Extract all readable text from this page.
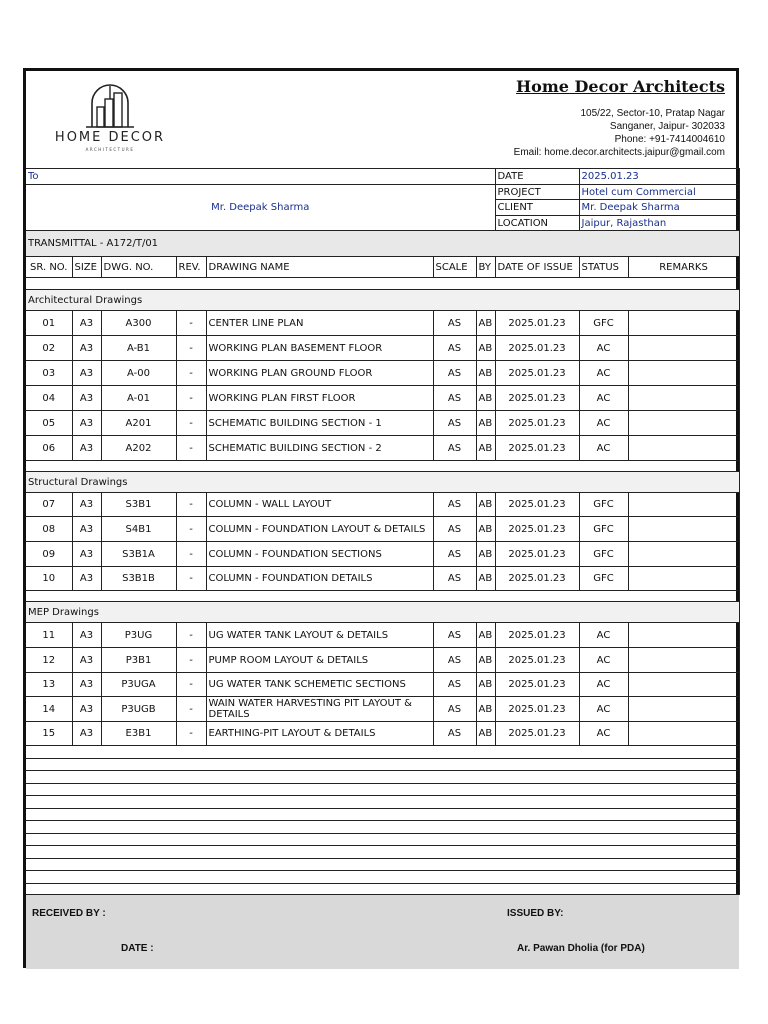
HOME DECOR
ARCHITECTURE
Home Decor Architects
105/22, Sector-10, Pratap Nagar
Sanganer, Jaipur- 302033
Phone: +91-7414004610
Email: home.decor.architects.jaipur@gmail.com
To	DATE	2025.01.23
Mr. Deepak Sharma	PROJECT	Hotel cum Commercial
	CLIENT	Mr. Deepak Sharma
	LOCATION	Jaipur, Rajasthan
TRANSMITTAL - A172/T/01		
SR. NO.	SIZE	DWG. NO.	REV.	DRAWING NAME	SCALE	BY	DATE OF ISSUE	STATUS	REMARKS

Architectural Drawings									
01	A3	A300	-	CENTER LINE PLAN	AS	AB	2025.01.23	GFC	
02	A3	A-B1	-	WORKING PLAN BASEMENT FLOOR	AS	AB	2025.01.23	AC	
03	A3	A-00	-	WORKING PLAN GROUND FLOOR	AS	AB	2025.01.23	AC	
04	A3	A-01	-	WORKING PLAN FIRST FLOOR	AS	AB	2025.01.23	AC	
05	A3	A201	-	SCHEMATIC BUILDING SECTION - 1	AS	AB	2025.01.23	AC	
06	A3	A202	-	SCHEMATIC BUILDING SECTION - 2	AS	AB	2025.01.23	AC	

Structural Drawings									
07	A3	S3B1	-	COLUMN - WALL LAYOUT	AS	AB	2025.01.23	GFC	
08	A3	S4B1	-	COLUMN - FOUNDATION LAYOUT & DETAILS	AS	AB	2025.01.23	GFC	
09	A3	S3B1A	-	COLUMN - FOUNDATION SECTIONS	AS	AB	2025.01.23	GFC	
10	A3	S3B1B	-	COLUMN - FOUNDATION DETAILS	AS	AB	2025.01.23	GFC	

MEP Drawings									
11	A3	P3UG	-	UG WATER TANK LAYOUT & DETAILS	AS	AB	2025.01.23	AC	
12	A3	P3B1	-	PUMP ROOM LAYOUT & DETAILS	AS	AB	2025.01.23	AC	
13	A3	P3UGA	-	UG WATER TANK SCHEMETIC SECTIONS	AS	AB	2025.01.23	AC	
14	A3	P3UGB	-	WAIN WATER HARVESTING PIT LAYOUT & DETAILS	AS	AB	2025.01.23	AC	
15	A3	E3B1	-	EARTHING-PIT LAYOUT & DETAILS	AS	AB	2025.01.23	AC	

RECEIVED BY :
DATE :
ISSUED BY:
Ar. Pawan Dholia (for PDA)
